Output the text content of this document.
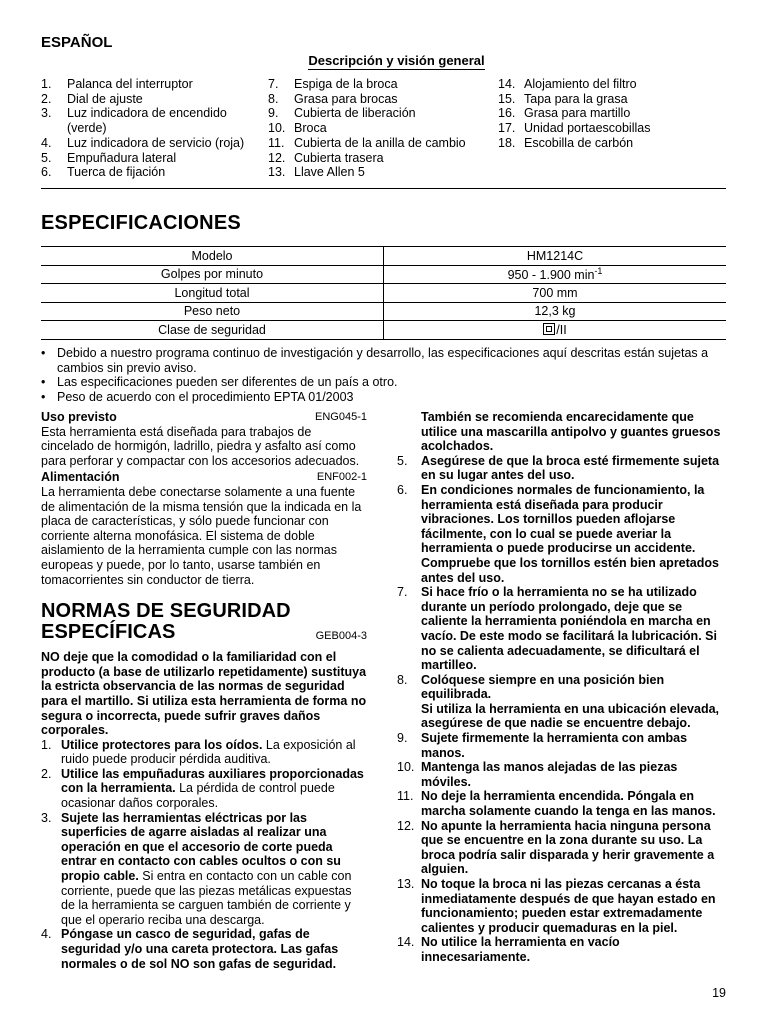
ESPAÑOL
Descripción y visión general
1.	Palanca del interruptor
2.	Dial de ajuste
3.	Luz indicadora de encendido
(verde)
4.	Luz indicadora de servicio (roja)
5.	Empuñadura lateral
6.	Tuerca de fijación
7.	Espiga de la broca
8.	Grasa para brocas
9.	Cubierta de liberación
10. Broca
11. Cubierta de la anilla de cambio
12. Cubierta trasera
13. Llave Allen 5
14. Alojamiento del filtro
15. Tapa para la grasa
16. Grasa para martillo
17. Unidad portaescobillas
18. Escobilla de carbón
ESPECIFICACIONES
Modelo	HM1214C
Golpes por minuto	950 - 1.900 $\min^{-1}$
Longitud total	700 mm
Peso neto	12,3 kg
Clase de seguridad	/II
• Debido a nuestro programa continuo de investigación y desarrollo, las especificaciones aquí descritas están sujetas a cambios sin previo aviso.
• Las especificaciones pueden ser diferentes de un país a otro.
• Peso de acuerdo con el procedimiento EPTA 01/2003
Uso previsto	ENG045-1

Esta herramienta está diseñada para trabajos de cincelado de hormigón, ladrillo, piedra y asfalto así como para perforar y compactar con los accesorios adecuados.

Alimentación	ENF002-1

La herramienta debe conectarse solamente a una fuente de alimentación de la misma tensión que la indicada en la placa de características, y sólo puede funcionar con corriente alterna monofásica. El sistema de doble aislamiento de la herramienta cumple con las normas europeas y puede, por lo tanto, usarse también en tomacorrientes sin conductor de tierra.

NORMAS DE SEGURIDAD
ESPECÍFICAS	GEB004-3

NO deje que la comodidad o la familiaridad con el producto (a base de utilizarlo repetidamente) sustituya la estricta observancia de las normas de seguridad para el martillo. Si utiliza esta herramienta de forma no segura o incorrecta, puede sufrir graves daños corporales.

1. Utilice protectores para los oídos. La exposición al ruido puede producir pérdida auditiva.
2. Utilice las empuñaduras auxiliares proporcionadas con la herramienta. La pérdida de control puede ocasionar daños corporales.
3. Sujete las herramientas eléctricas por las superficies de agarre aisladas al realizar una operación en que el accesorio de corte pueda entrar en contacto con cables ocultos o con su propio cable. Si entra en contacto con un cable con corriente, puede que las piezas metálicas expuestas de la herramienta se carguen también de corriente y que el operario reciba una descarga.
4. Póngase un casco de seguridad, gafas de seguridad y/o una careta protectora. Las gafas normales o de sol NO son gafas de seguridad.
También se recomienda encarecidamente que utilice una mascarilla antipolvo y guantes gruesos acolchados.
5.	Asegúrese de que la broca esté firmemente sujeta en su lugar antes del uso.
6.	En condiciones normales de funcionamiento, la herramienta está diseñada para producir vibraciones. Los tornillos pueden aflojarse fácilmente, con lo cual se puede averiar la herramienta o puede producirse un accidente. Compruebe que los tornillos estén bien apretados antes del uso.
7.	Si hace frío o la herramienta no se ha utilizado durante un período prolongado, deje que se caliente la herramienta poniéndola en marcha en vacío. De este modo se facilitará la lubricación. Si no se calienta adecuadamente, se dificultará el martilleo.
8.	Colóquese siempre en una posición bien equilibrada.
Si utiliza la herramienta en una ubicación elevada, asegúrese de que nadie se encuentre debajo.
9.	Sujete firmemente la herramienta con ambas manos.
10. Mantenga las manos alejadas de las piezas móviles.
11. No deje la herramienta encendida. Póngala en marcha solamente cuando la tenga en las manos.
12. No apunte la herramienta hacia ninguna persona que se encuentre en la zona durante su uso. La broca podría salir disparada y herir gravemente a alguien.
13. No toque la broca ni las piezas cercanas a ésta inmediatamente después de que hayan estado en funcionamiento; pueden estar extremadamente calientes y producir quemaduras en la piel.
14. No utilice la herramienta en vacío innecesariamente.
19
